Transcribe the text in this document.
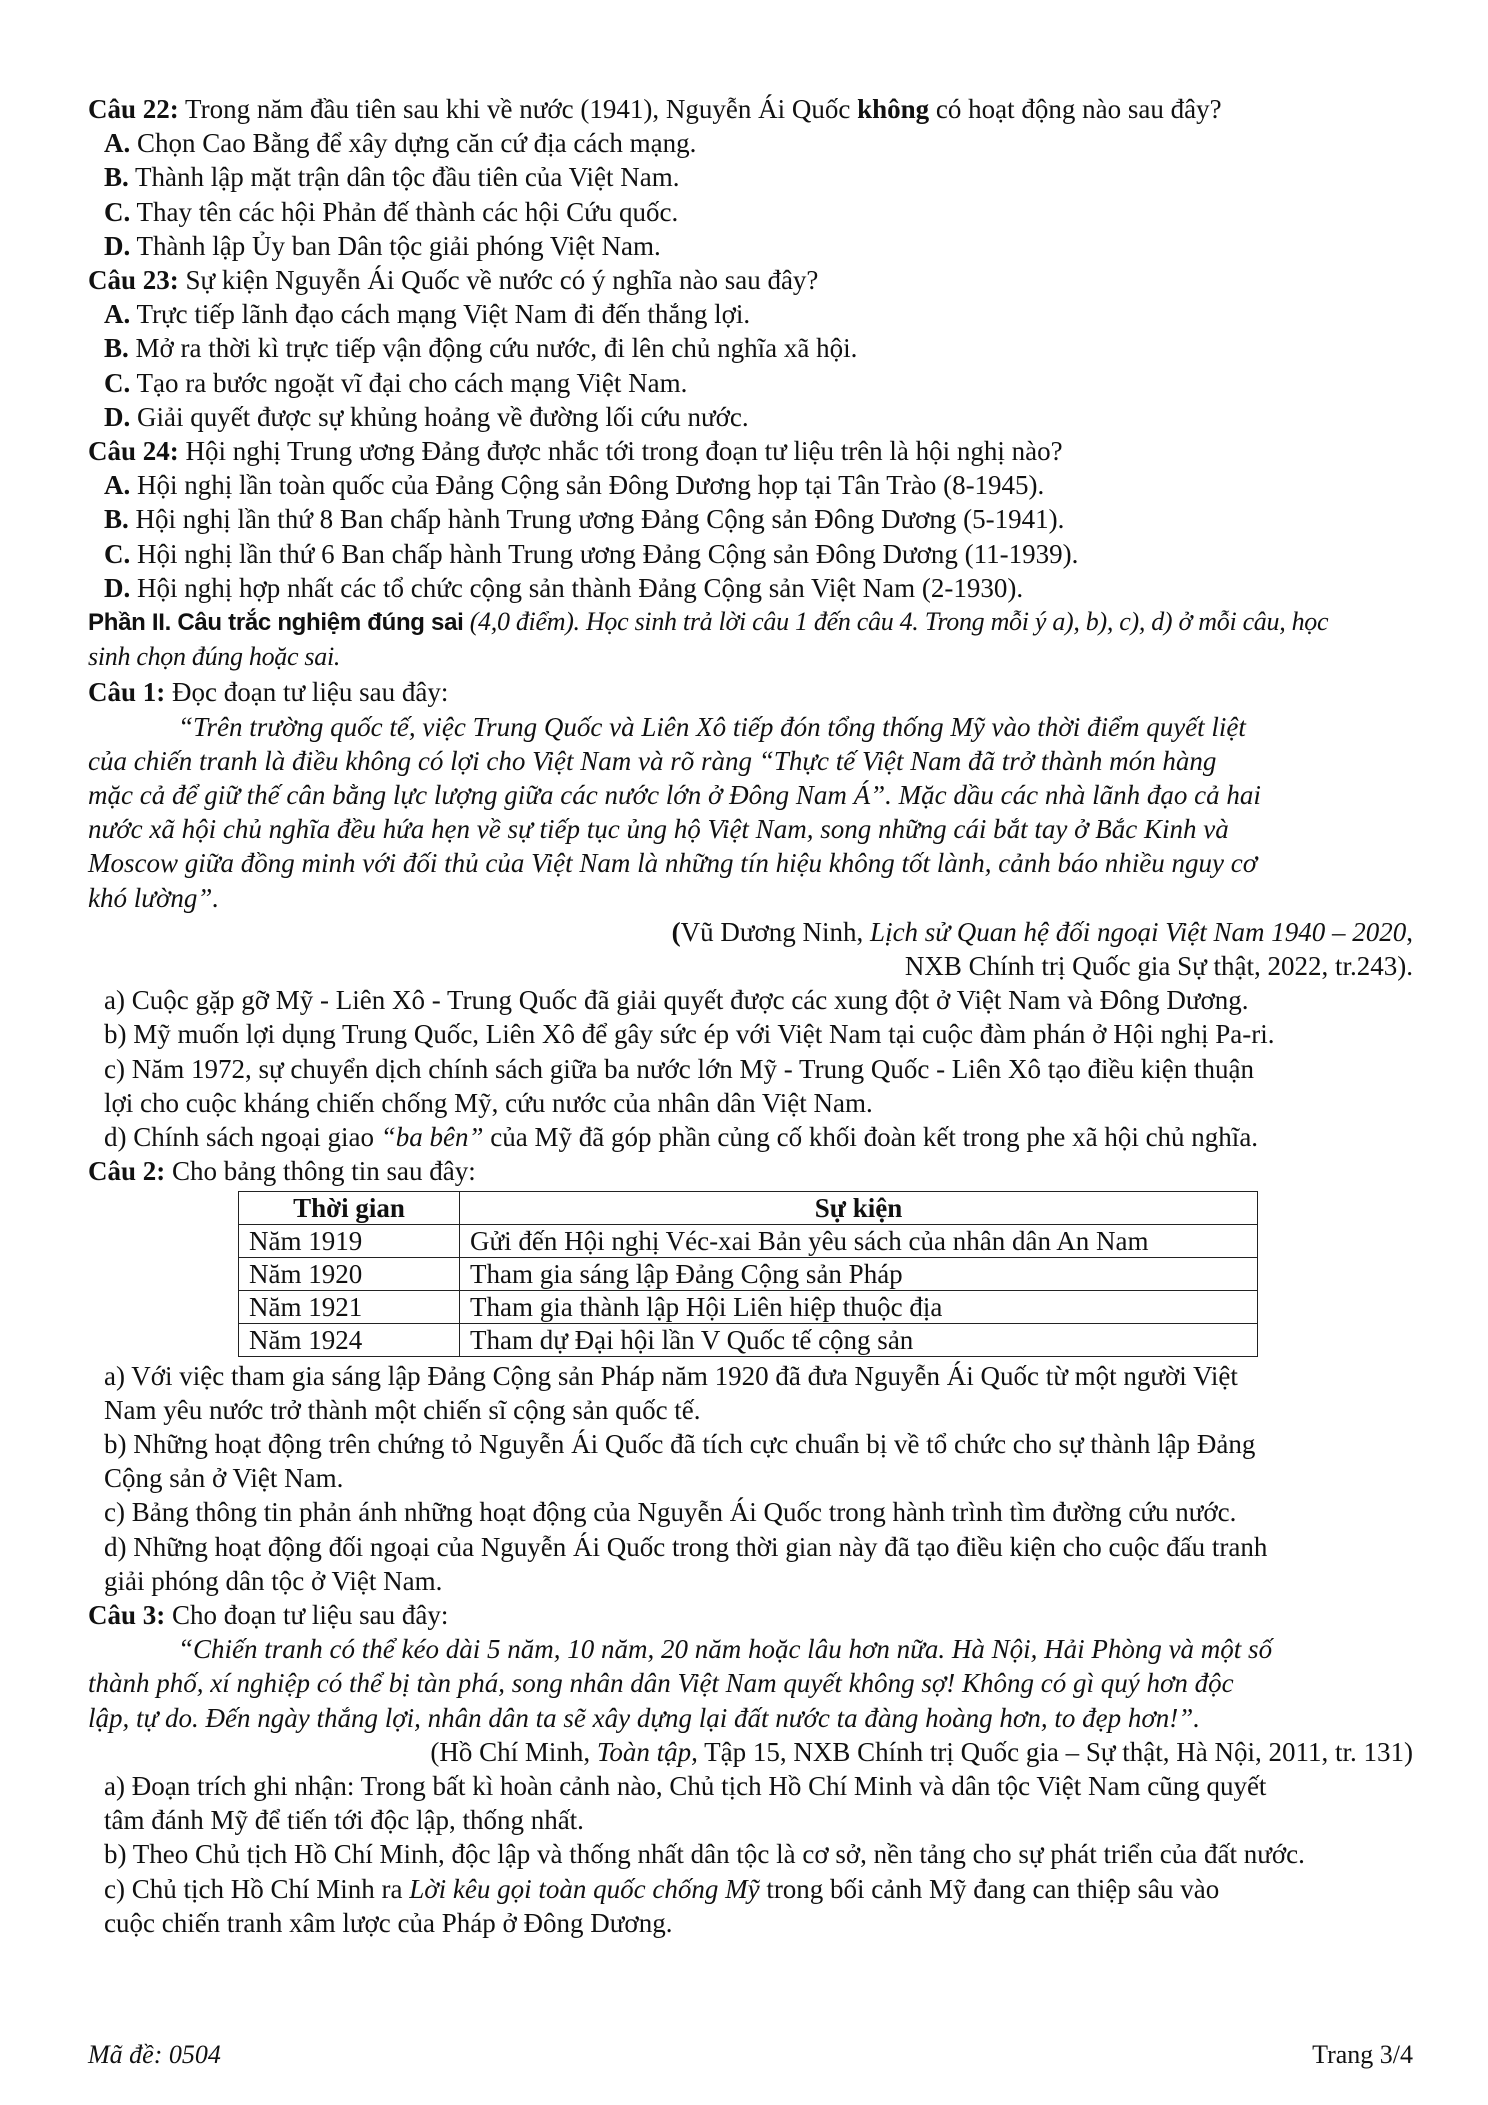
Câu 22: Trong năm đầu tiên sau khi về nước (1941), Nguyễn Ái Quốc không có hoạt động nào sau đây?
A. Chọn Cao Bằng để xây dựng căn cứ địa cách mạng.
B. Thành lập mặt trận dân tộc đầu tiên của Việt Nam.
C. Thay tên các hội Phản đế thành các hội Cứu quốc.
D. Thành lập Ủy ban Dân tộc giải phóng Việt Nam.
Câu 23: Sự kiện Nguyễn Ái Quốc về nước có ý nghĩa nào sau đây?
A. Trực tiếp lãnh đạo cách mạng Việt Nam đi đến thắng lợi.
B. Mở ra thời kì trực tiếp vận động cứu nước, đi lên chủ nghĩa xã hội.
C. Tạo ra bước ngoặt vĩ đại cho cách mạng Việt Nam.
D. Giải quyết được sự khủng hoảng về đường lối cứu nước.
Câu 24: Hội nghị Trung ương Đảng được nhắc tới trong đoạn tư liệu trên là hội nghị nào?
A. Hội nghị lần toàn quốc của Đảng Cộng sản Đông Dương họp tại Tân Trào (8-1945).
B. Hội nghị lần thứ 8 Ban chấp hành Trung ương Đảng Cộng sản Đông Dương (5-1941).
C. Hội nghị lần thứ 6 Ban chấp hành Trung ương Đảng Cộng sản Đông Dương (11-1939).
D. Hội nghị hợp nhất các tổ chức cộng sản thành Đảng Cộng sản Việt Nam (2-1930).
Phần II. Câu trắc nghiệm đúng sai (4,0 điểm). Học sinh trả lời câu 1 đến câu 4. Trong mỗi ý a), b), c), d) ở mỗi câu, học
sinh chọn đúng hoặc sai.
Câu 1: Đọc đoạn tư liệu sau đây:
“Trên trường quốc tế, việc Trung Quốc và Liên Xô tiếp đón tổng thống Mỹ vào thời điểm quyết liệt
của chiến tranh là điều không có lợi cho Việt Nam và rõ ràng “Thực tế Việt Nam đã trở thành món hàng
mặc cả để giữ thế cân bằng lực lượng giữa các nước lớn ở Đông Nam Á”. Mặc dầu các nhà lãnh đạo cả hai
nước xã hội chủ nghĩa đều hứa hẹn về sự tiếp tục ủng hộ Việt Nam, song những cái bắt tay ở Bắc Kinh và
Moscow giữa đồng minh với đối thủ của Việt Nam là những tín hiệu không tốt lành, cảnh báo nhiều nguy cơ
khó lường”.
(Vũ Dương Ninh, Lịch sử Quan hệ đối ngoại Việt Nam 1940 – 2020,
NXB Chính trị Quốc gia Sự thật, 2022, tr.243).
a) Cuộc gặp gỡ Mỹ - Liên Xô - Trung Quốc đã giải quyết được các xung đột ở Việt Nam và Đông Dương.
b) Mỹ muốn lợi dụng Trung Quốc, Liên Xô để gây sức ép với Việt Nam tại cuộc đàm phán ở Hội nghị Pa-ri.
c) Năm 1972, sự chuyển dịch chính sách giữa ba nước lớn Mỹ - Trung Quốc - Liên Xô tạo điều kiện thuận
lợi cho cuộc kháng chiến chống Mỹ, cứu nước của nhân dân Việt Nam.
d) Chính sách ngoại giao “ba bên” của Mỹ đã góp phần củng cố khối đoàn kết trong phe xã hội chủ nghĩa.
Câu 2: Cho bảng thông tin sau đây:
Thời gian	Sự kiện
Năm 1919	Gửi đến Hội nghị Véc-xai Bản yêu sách của nhân dân An Nam
Năm 1920	Tham gia sáng lập Đảng Cộng sản Pháp
Năm 1921	Tham gia thành lập Hội Liên hiệp thuộc địa
Năm 1924	Tham dự Đại hội lần V Quốc tế cộng sản
a) Với việc tham gia sáng lập Đảng Cộng sản Pháp năm 1920 đã đưa Nguyễn Ái Quốc từ một người Việt
Nam yêu nước trở thành một chiến sĩ cộng sản quốc tế.
b) Những hoạt động trên chứng tỏ Nguyễn Ái Quốc đã tích cực chuẩn bị về tổ chức cho sự thành lập Đảng
Cộng sản ở Việt Nam.
c) Bảng thông tin phản ánh những hoạt động của Nguyễn Ái Quốc trong hành trình tìm đường cứu nước.
d) Những hoạt động đối ngoại của Nguyễn Ái Quốc trong thời gian này đã tạo điều kiện cho cuộc đấu tranh
giải phóng dân tộc ở Việt Nam.
Câu 3: Cho đoạn tư liệu sau đây:
“Chiến tranh có thể kéo dài 5 năm, 10 năm, 20 năm hoặc lâu hơn nữa. Hà Nội, Hải Phòng và một số
thành phố, xí nghiệp có thể bị tàn phá, song nhân dân Việt Nam quyết không sợ! Không có gì quý hơn độc
lập, tự do. Đến ngày thắng lợi, nhân dân ta sẽ xây dựng lại đất nước ta đàng hoàng hơn, to đẹp hơn!”.
(Hồ Chí Minh, Toàn tập, Tập 15, NXB Chính trị Quốc gia – Sự thật, Hà Nội, 2011, tr. 131)
a) Đoạn trích ghi nhận: Trong bất kì hoàn cảnh nào, Chủ tịch Hồ Chí Minh và dân tộc Việt Nam cũng quyết
tâm đánh Mỹ để tiến tới độc lập, thống nhất.
b) Theo Chủ tịch Hồ Chí Minh, độc lập và thống nhất dân tộc là cơ sở, nền tảng cho sự phát triển của đất nước.
c) Chủ tịch Hồ Chí Minh ra Lời kêu gọi toàn quốc chống Mỹ trong bối cảnh Mỹ đang can thiệp sâu vào
cuộc chiến tranh xâm lược của Pháp ở Đông Dương.
Mã đề: 0504	Trang 3/4
